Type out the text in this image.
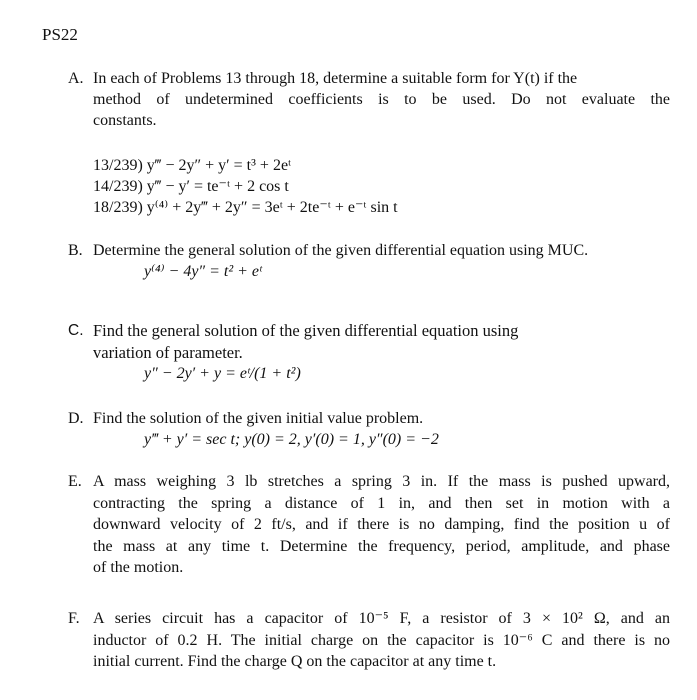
PS22
A. In each of Problems 13 through 18, determine a suitable form for Y(t) if the
method of undetermined coefficients is to be used. Do not evaluate the
constants.
13/239) y‴ − 2y″ + y′ = t³ + 2eᵗ
14/239) y‴ − y′ = te⁻ᵗ + 2 cos t
18/239) y⁽⁴⁾ + 2y‴ + 2y″ = 3eᵗ + 2te⁻ᵗ + e⁻ᵗ sin t
B. Determine the general solution of the given differential equation using MUC.
y⁽⁴⁾ − 4y″ = t² + eᵗ
C. Find the general solution of the given differential equation using
variation of parameter.
y″ − 2y′ + y = eᵗ/(1 + t²)
D. Find the solution of the given initial value problem.
y‴ + y′ = sec t; y(0) = 2, y′(0) = 1, y″(0) = −2
E. A mass weighing 3 lb stretches a spring 3 in. If the mass is pushed upward,
contracting the spring a distance of 1 in, and then set in motion with a
downward velocity of 2 ft/s, and if there is no damping, find the position u of
the mass at any time t. Determine the frequency, period, amplitude, and phase
of the motion.
F. A series circuit has a capacitor of 10⁻⁵ F, a resistor of 3 × 10² Ω, and an
inductor of 0.2 H. The initial charge on the capacitor is 10⁻⁶ C and there is no
initial current. Find the charge Q on the capacitor at any time t.
